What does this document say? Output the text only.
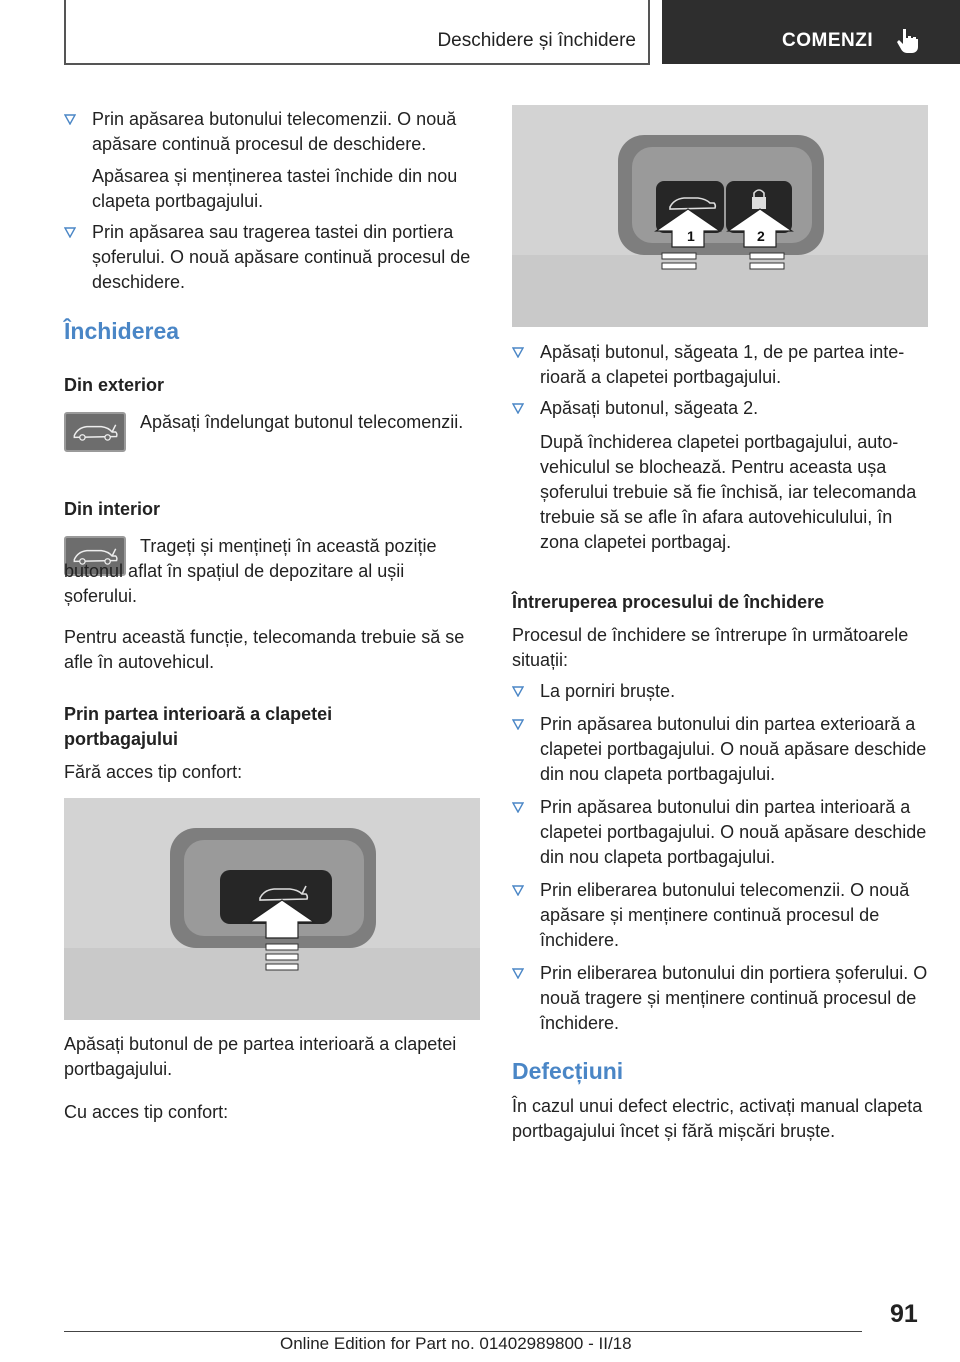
Deschidere și închidere	COMENZI
Prin apăsarea butonului telecomenzii. O nouă apăsare continuă procesul de deschidere.
Apăsarea și menținerea tastei închide din nou clapeta portbagajului.
Prin apăsarea sau tragerea tastei din portiera șoferului. O nouă apăsare continuă procesul de deschidere.
Închiderea
Din exterior
Apăsați îndelungat butonul telecomenzii.
Din interior
Trageți și mențineți în această poziție butonul aflat în spațiul de depozitare al ușii șoferului.
Pentru această funcție, telecomanda trebuie să se afle în autovehicul.
Prin partea interioară a clapetei portbagajului
Fără acces tip confort:
Apăsați butonul de pe partea interioară a clapetei portbagajului.
Cu acces tip confort:
1	2
Apăsați butonul, săgeata 1, de pe partea interioară a clapetei portbagajului.
Apăsați butonul, săgeata 2.
După închiderea clapetei portbagajului, autovehiculul se blochează. Pentru aceasta ușa șoferului trebuie să fie închisă, iar telecomanda trebuie să se afle în afara autovehiculului, în zona clapetei portbagaj.
Întreruperea procesului de închidere
Procesul de închidere se întrerupe în următoarele situații:
La porniri bruște.
Prin apăsarea butonului din partea exterioară a clapetei portbagajului. O nouă apăsare deschide din nou clapeta portbagajului.
Prin apăsarea butonului din partea interioară a clapetei portbagajului. O nouă apăsare deschide din nou clapeta portbagajului.
Prin eliberarea butonului telecomenzii. O nouă apăsare și menținere continuă procesul de închidere.
Prin eliberarea butonului din portiera șoferului. O nouă tragere și menținere continuă procesul de închidere.
Defecțiuni
În cazul unui defect electric, activați manual clapeta portbagajului încet și fără mișcări bruște.
91
Online Edition for Part no. 01402989800 - II/18
